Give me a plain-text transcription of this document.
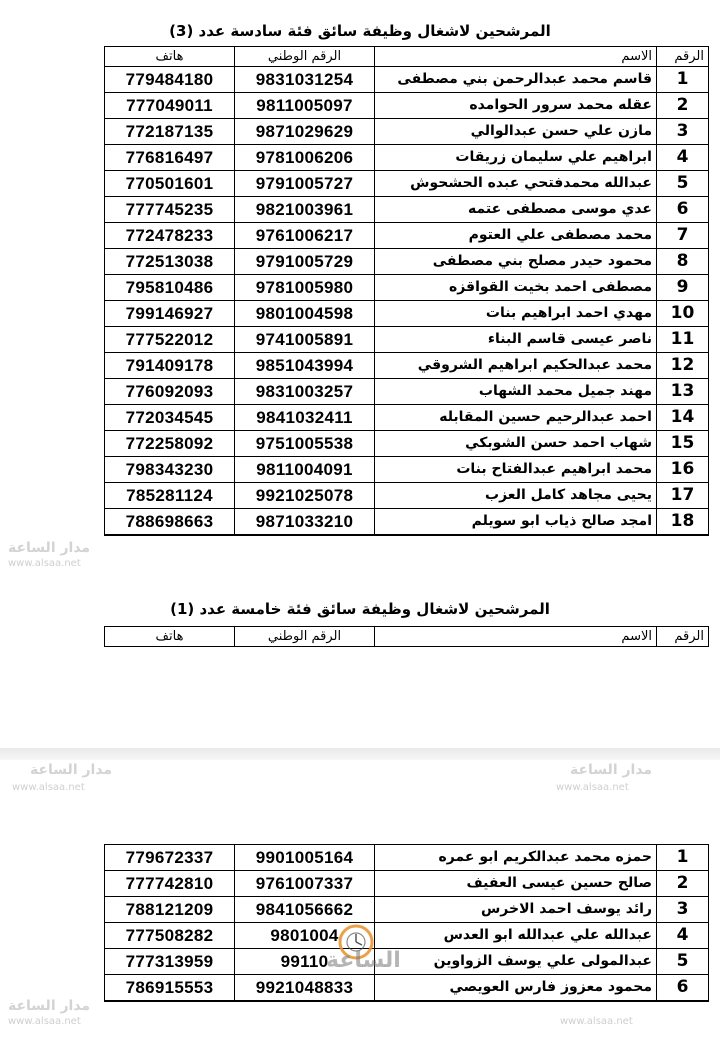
المرشحين لاشغال وظيفة سائق فئة سادسة عدد (3)
الرقم	الاسم	الرقم الوطني	هاتف
1	قاسم محمد عبدالرحمن بني مصطفى	9831031254	779484180
2	عقله محمد سرور الحوامده	9811005097	777049011
3	مازن علي حسن عبدالوالي	9871029629	772187135
4	ابراهيم علي سليمان زريقات	9781006206	776816497
5	عبدالله محمدفتحي عبده الحشحوش	9791005727	770501601
6	عدي موسى مصطفى عتمه	9821003961	777745235
7	محمد مصطفى علي العتوم	9761006217	772478233
8	محمود حيدر مصلح بني مصطفى	9791005729	772513038
9	مصطفى احمد بخيت القواقزه	9781005980	795810486
10	مهدي احمد ابراهيم بنات	9801004598	799146927
11	ناصر عيسى قاسم البناء	9741005891	777522012
12	محمد عبدالحكيم ابراهيم الشروقي	9851043994	791409178
13	مهند جميل محمد الشهاب	9831003257	776092093
14	احمد عبدالرحيم حسين المقابله	9841032411	772034545
15	شهاب احمد حسن الشوبكي	9751005538	772258092
16	محمد ابراهيم عبدالفتاح بنات	9811004091	798343230
17	يحيى مجاهد كامل العزب	9921025078	785281124
18	امجد صالح ذياب ابو سويلم	9871033210	788698663
المرشحين لاشغال وظيفة سائق فئة خامسة عدد (1)
الرقم	الاسم	الرقم الوطني	هاتف
مدار الساعة
www.alsaa.net
مدار الساعة
www.alsaa.net
مدار الساعة
www.alsaa.net
مدار الساعة
www.alsaa.net	www.alsaa.net
1	حمزه محمد عبدالكريم ابو عمره	9901005164	779672337
2	صالح حسين عيسى العفيف	9761007337	777742810
3	رائد يوسف احمد الاخرس	9841056662	788121209
4	عبدالله علي عبدالله ابو العدس	9801004	777508282
5	عبدالمولى علي يوسف الزواوين	99110	777313959
6	محمود معزوز فارس العويصي	9921048833	786915553
الساعة
